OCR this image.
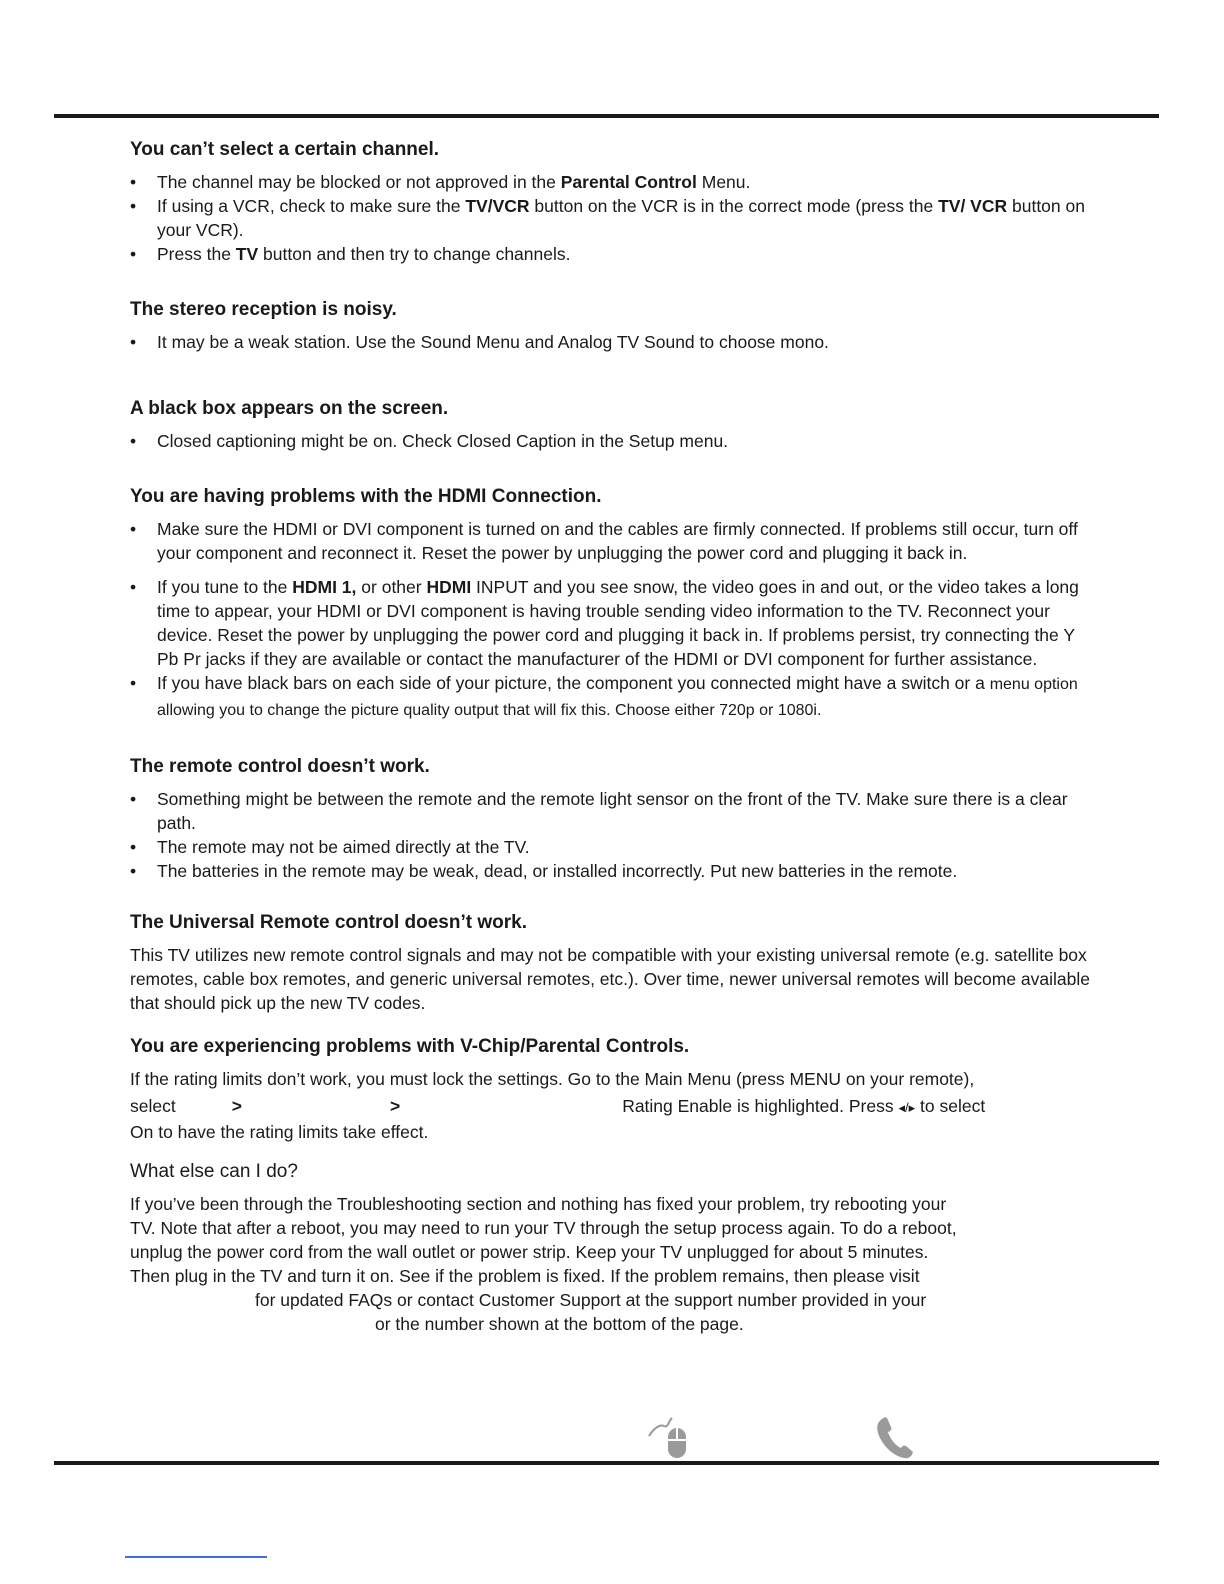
You can’t select a certain channel.
•	The channel may be blocked or not approved in the Parental Control Menu.
•	If using a VCR, check to make sure the TV/VCR button on the VCR is in the correct mode (press the TV/ VCR button on your VCR).
•	Press the TV button and then try to change channels.
The stereo reception is noisy.
•	It may be a weak station. Use the Sound Menu and Analog TV Sound to choose mono.
A black box appears on the screen.
•	Closed captioning might be on. Check Closed Caption in the Setup menu.
You are having problems with the HDMI Connection.
•	Make sure the HDMI or DVI component is turned on and the cables are firmly connected. If problems still occur, turn off your component and reconnect it. Reset the power by unplugging the power cord and plugging it back in.
•	If you tune to the HDMI 1, or other HDMI INPUT and you see snow, the video goes in and out, or the video takes a long time to appear, your HDMI or DVI component is having trouble sending video information to the TV. Reconnect your device. Reset the power by unplugging the power cord and plugging it back in. If problems persist, try connecting the Y Pb Pr jacks if they are available or contact the manufacturer of the HDMI or DVI component for further assistance.
•	If you have black bars on each side of your picture, the component you connected might have a switch or a menu option allowing you to change the picture quality output that will fix this. Choose either 720p or 1080i.
The remote control doesn’t work.
•	Something might be between the remote and the remote light sensor on the front of the TV. Make sure there is a clear path.
•	The remote may not be aimed directly at the TV.
•	The batteries in the remote may be weak, dead, or installed incorrectly. Put new batteries in the remote.
The Universal Remote control doesn’t work.

This TV utilizes new remote control signals and may not be compatible with your existing universal remote (e.g. satellite box remotes, cable box remotes, and generic universal remotes, etc.). Over time, newer universal remotes will become available that should pick up the new TV codes.

You are experiencing problems with V-Chip/Parental Controls.

If the rating limits don’t work, you must lock the settings. Go to the Main Menu (press MENU on your remote),

select	>	>	Rating Enable is highlighted. Press ◂/▸ to select

On to have the rating limits take effect.

What else can I do?

If you’ve been through the Troubleshooting section and nothing has fixed your problem, try rebooting your

TV. Note that after a reboot, you may need to run your TV through the setup process again. To do a reboot,

unplug the power cord from the wall outlet or power strip. Keep your TV unplugged for about 5 minutes.

Then plug in the TV and turn it on. See if the problem is fixed. If the problem remains, then please visit

for updated FAQs or contact Customer Support at the support number provided in your

or the number shown at the bottom of the page.
